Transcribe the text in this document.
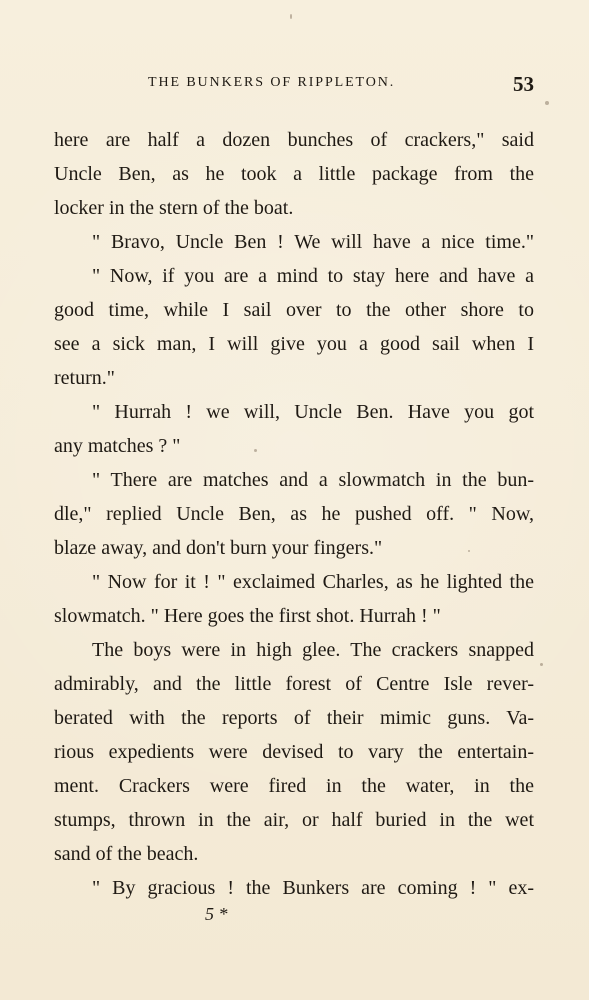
THE BUNKERS OF RIPPLETON.	53
here are half a dozen bunches of crackers," said
Uncle Ben, as he took a little package from the
locker in the stern of the boat.
" Bravo, Uncle Ben ! We will have a nice time."
" Now, if you are a mind to stay here and have a
good time, while I sail over to the other shore to
see a sick man, I will give you a good sail when I
return."
" Hurrah ! we will, Uncle Ben. Have you got
any matches ? "
" There are matches and a slowmatch in the bun-
dle," replied Uncle Ben, as he pushed off. " Now,
blaze away, and don't burn your fingers."
" Now for it ! " exclaimed Charles, as he lighted the
slowmatch. " Here goes the first shot. Hurrah ! "
The boys were in high glee. The crackers snapped
admirably, and the little forest of Centre Isle rever-
berated with the reports of their mimic guns. Va-
rious expedients were devised to vary the entertain-
ment. Crackers were fired in the water, in the
stumps, thrown in the air, or half buried in the wet
sand of the beach.
" By gracious ! the Bunkers are coming ! " ex-
5 *
